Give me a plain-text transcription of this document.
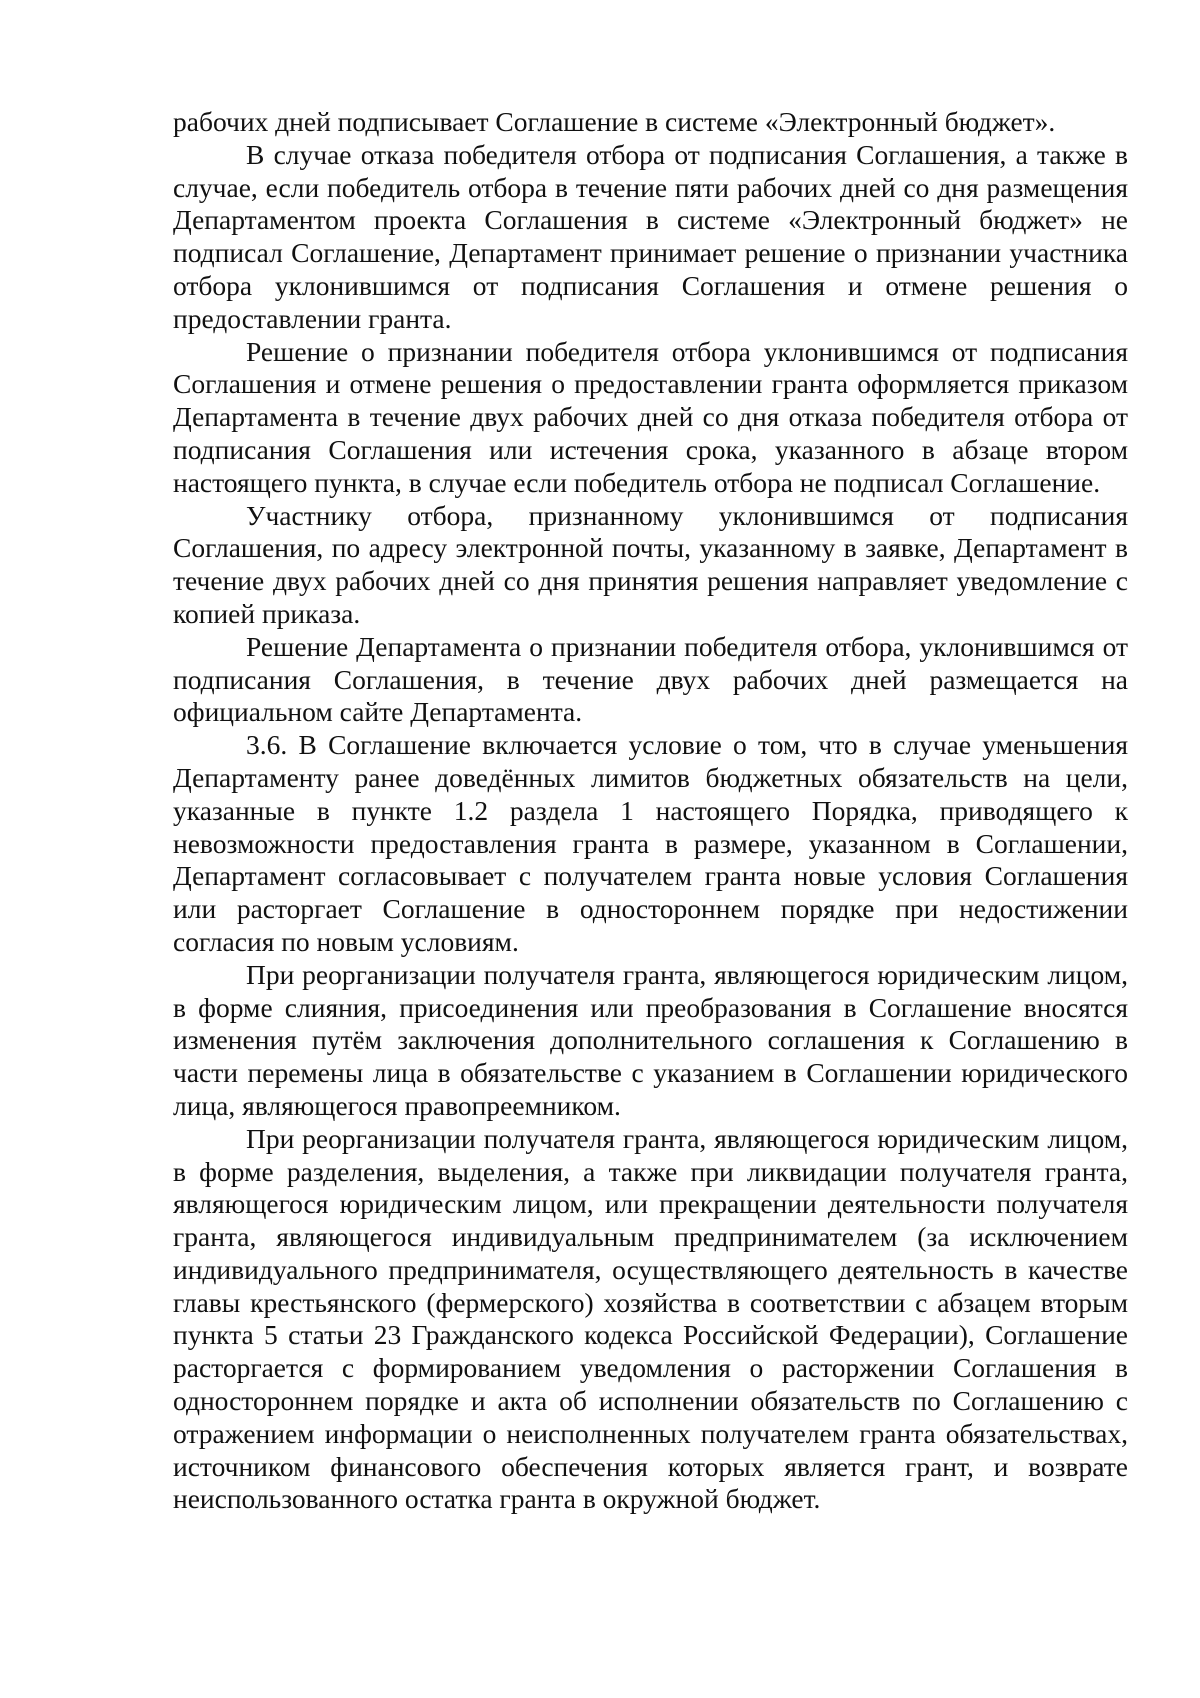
рабочих дней подписывает Соглашение в системе «Электронный бюджет».

В случае отказа победителя отбора от подписания Соглашения, а также в случае, если победитель отбора в течение пяти рабочих дней со дня размещения Департаментом проекта Соглашения в системе «Электронный бюджет» не подписал Соглашение, Департамент принимает решение о признании участника отбора уклонившимся от подписания Соглашения и отмене решения о предоставлении гранта.

Решение о признании победителя отбора уклонившимся от подписания Соглашения и отмене решения о предоставлении гранта оформляется приказом Департамента в течение двух рабочих дней со дня отказа победителя отбора от подписания Соглашения или истечения срока, указанного в абзаце втором настоящего пункта, в случае если победитель отбора не подписал Соглашение.

Участнику отбора, признанному уклонившимся от подписания Соглашения, по адресу электронной почты, указанному в заявке, Департамент в течение двух рабочих дней со дня принятия решения направляет уведомление с копией приказа.

Решение Департамента о признании победителя отбора, уклонившимся от подписания Соглашения, в течение двух рабочих дней размещается на официальном сайте Департамента.

3.6. В Соглашение включается условие о том, что в случае уменьшения Департаменту ранее доведённых лимитов бюджетных обязательств на цели, указанные в пункте 1.2 раздела 1 настоящего Порядка, приводящего к невозможности предоставления гранта в размере, указанном в Соглашении, Департамент согласовывает с получателем гранта новые условия Соглашения или расторгает Соглашение в одностороннем порядке при недостижении согласия по новым условиям.

При реорганизации получателя гранта, являющегося юридическим лицом, в форме слияния, присоединения или преобразования в Соглашение вносятся изменения путём заключения дополнительного соглашения к Соглашению в части перемены лица в обязательстве с указанием в Соглашении юридического лица, являющегося правопреемником.

При реорганизации получателя гранта, являющегося юридическим лицом, в форме разделения, выделения, а также при ликвидации получателя гранта, являющегося юридическим лицом, или прекращении деятельности получателя гранта, являющегося индивидуальным предпринимателем (за исключением индивидуального предпринимателя, осуществляющего деятельность в качестве главы крестьянского (фермерского) хозяйства в соответствии с абзацем вторым пункта 5 статьи 23 Гражданского кодекса Российской Федерации), Соглашение расторгается с формированием уведомления о расторжении Соглашения в одностороннем порядке и акта об исполнении обязательств по Соглашению с отражением информации о неисполненных получателем гранта обязательствах, источником финансового обеспечения которых является грант, и возврате неиспользованного остатка гранта в окружной бюджет.
